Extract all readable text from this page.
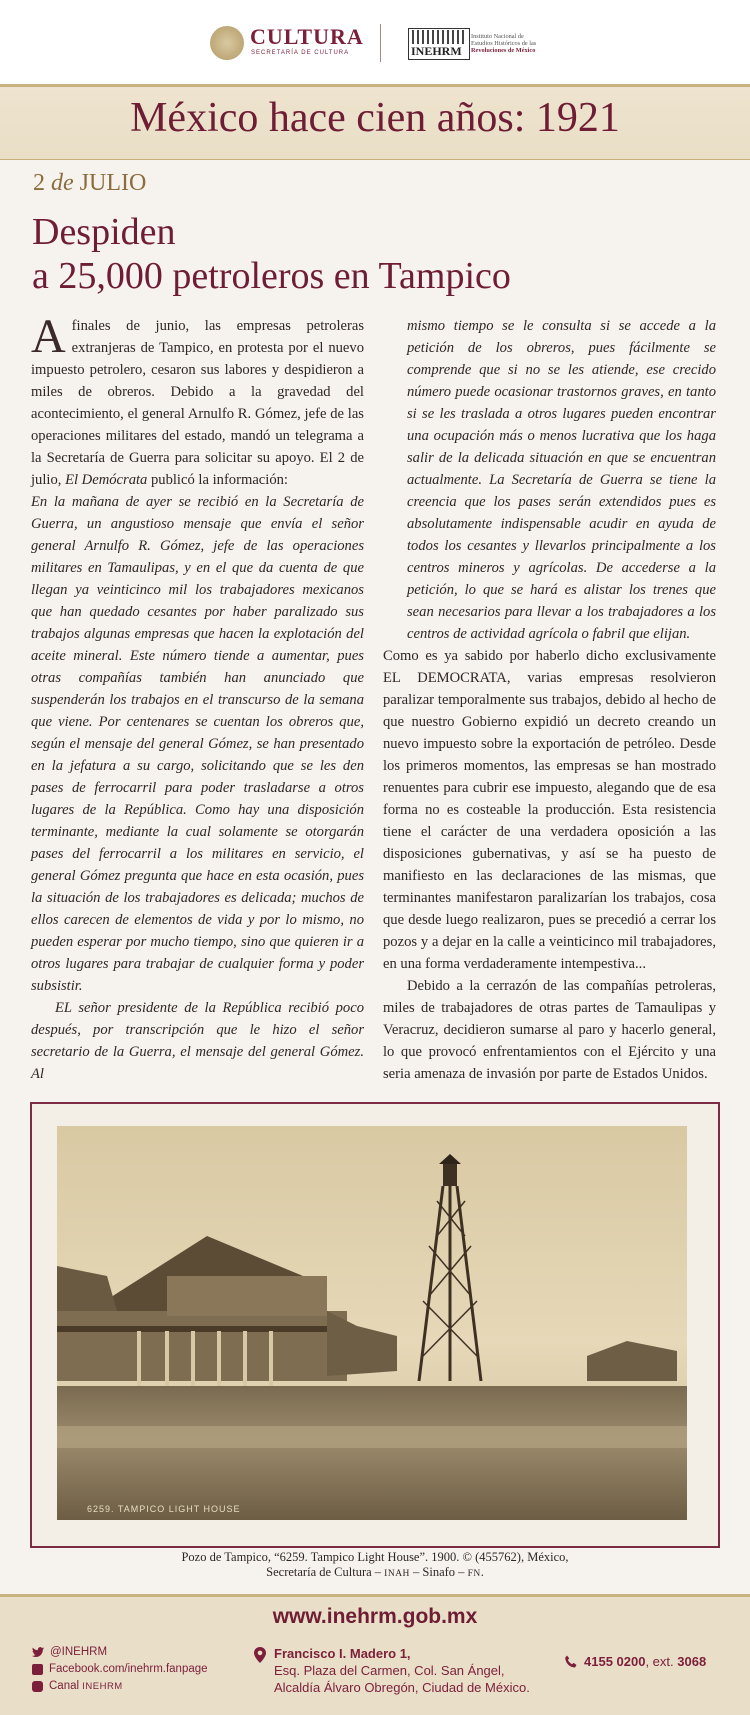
CULTURA
SECRETARÍA DE CULTURA	INEHRM
Instituto Nacional de
Estudios Históricos de las
Revoluciones de México
México hace cien años: 1921
2 de JULIO
Despiden
a 25,000 petroleros en Tampico

Afinales de junio, las empresas petroleras extranjeras de Tampico, en protesta por el nuevo impuesto petrolero, cesaron sus labores y despidieron a miles de obreros. Debido a la gravedad del acontecimiento, el general Arnulfo R. Gómez, jefe de las operaciones militares del estado, mandó un telegrama a la Secretaría de Guerra para solicitar su apoyo. El 2 de julio, El Demócrata publicó la información:

En la mañana de ayer se recibió en la Secretaría de Guerra, un angustioso mensaje que envía el señor general Arnulfo R. Gómez, jefe de las operaciones militares en Tamaulipas, y en el que da cuenta de que llegan ya veinticinco mil los trabajadores mexicanos que han quedado cesantes por haber paralizado sus trabajos algunas empresas que hacen la explotación del aceite mineral. Este número tiende a aumentar, pues otras compañías también han anunciado que suspenderán los trabajos en el transcurso de la semana que viene. Por centenares se cuentan los obreros que, según el mensaje del general Gómez, se han presentado en la jefatura a su cargo, solicitando que se les den pases de ferrocarril para poder trasladarse a otros lugares de la República. Como hay una disposición terminante, mediante la cual solamente se otorgarán pases del ferrocarril a los militares en servicio, el general Gómez pregunta que hace en esta ocasión, pues la situación de los trabajadores es delicada; muchos de ellos carecen de elementos de vida y por lo mismo, no pueden esperar por mucho tiempo, sino que quieren ir a otros lugares para trabajar de cualquier forma y poder subsistir.

EL señor presidente de la República recibió poco después, por transcripción que le hizo el señor secretario de la Guerra, el mensaje del general Gómez. Al

mismo tiempo se le consulta si se accede a la petición de los obreros, pues fácilmente se comprende que si no se les atiende, ese crecido número puede ocasionar trastornos graves, en tanto si se les traslada a otros lugares pueden encontrar una ocupación más o menos lucrativa que los haga salir de la delicada situación en que se encuentran actualmente. La Secretaría de Guerra se tiene la creencia que los pases serán extendidos pues es absolutamente indispensable acudir en ayuda de todos los cesantes y llevarlos principalmente a los centros mineros y agrícolas. De accederse a la petición, lo que se hará es alistar los trenes que sean necesarios para llevar a los trabajadores a los centros de actividad agrícola o fabril que elijan.

Como es ya sabido por haberlo dicho exclusivamente EL DEMOCRATA, varias empresas resolvieron paralizar temporalmente sus trabajos, debido al hecho de que nuestro Gobierno expidió un decreto creando un nuevo impuesto sobre la exportación de petróleo. Desde los primeros momentos, las empresas se han mostrado renuentes para cubrir ese impuesto, alegando que de esa forma no es costeable la producción. Esta resistencia tiene el carácter de una verdadera oposición a las disposiciones gubernativas, y así se ha puesto de manifiesto en las declaraciones de las mismas, que terminantes manifestaron paralizarían los trabajos, cosa que desde luego realizaron, pues se precedió a cerrar los pozos y a dejar en la calle a veinticinco mil trabajadores, en una forma verdaderamente intempestiva...

Debido a la cerrazón de las compañías petroleras, miles de trabajadores de otras partes de Tamaulipas y Veracruz, decidieron sumarse al paro y hacerlo general, lo que provocó enfrentamientos con el Ejército y una seria amenaza de invasión por parte de Estados Unidos.

6259. TAMPICO LIGHT HOUSE
Pozo de Tampico, “6259. Tampico Light House”. 1900. © (455762), México,
Secretaría de Cultura – INAH – Sinafo – FN.
www.inehrm.gob.mx
@INEHRM
Facebook.com/inehrm.fanpage
Canal INEHRM
Francisco I. Madero 1,
Esq. Plaza del Carmen, Col. San Ángel,
Alcaldía Álvaro Obregón, Ciudad de México.
4155 0200, ext. 3068
